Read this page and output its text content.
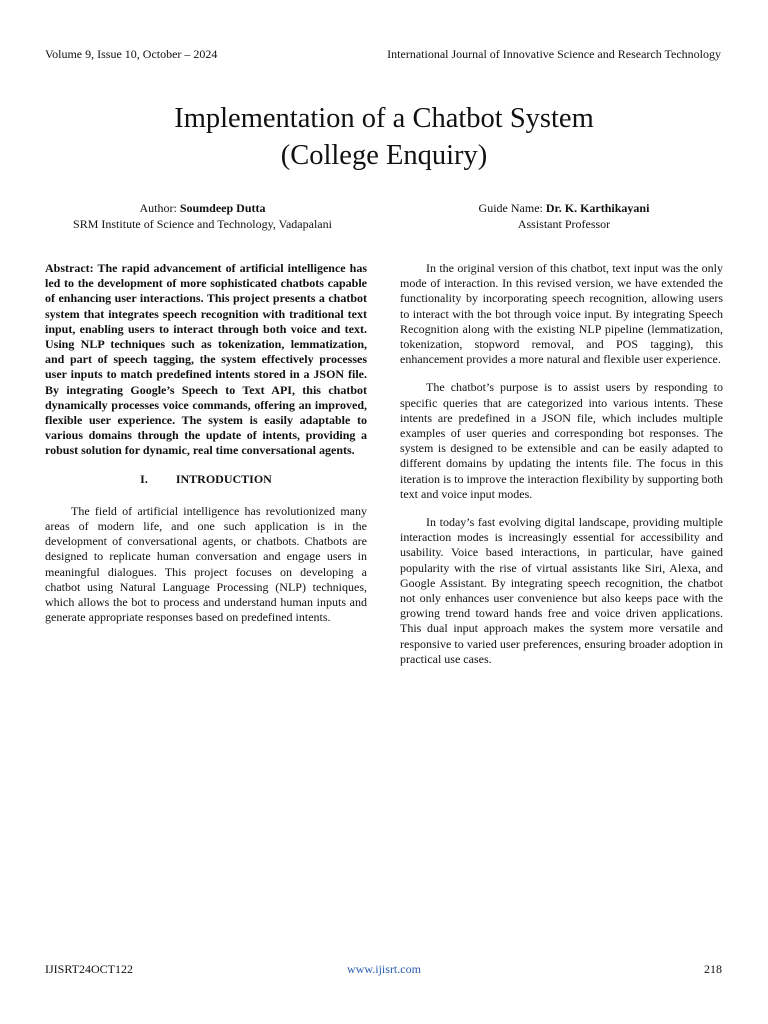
Volume 9, Issue 10, October – 2024	International Journal of Innovative Science and Research Technology
Implementation of a Chatbot System
(College Enquiry)
Author: Soumdeep Dutta
SRM Institute of Science and Technology, Vadapalani
Guide Name: Dr. K. Karthikayani
Assistant Professor

Abstract: The rapid advancement of artificial intelligence has led to the development of more sophisticated chatbots capable of enhancing user interactions. This project presents a chatbot system that integrates speech recognition with traditional text input, enabling users to interact through both voice and text. Using NLP techniques such as tokenization, lemmatization, and part of speech tagging, the system effectively processes user inputs to match predefined intents stored in a JSON file. By integrating Google’s Speech to Text API, this chatbot dynamically processes voice commands, offering an improved, flexible user experience. The system is easily adaptable to various domains through the update of intents, providing a robust solution for dynamic, real time conversational agents.

I. INTRODUCTION

The field of artificial intelligence has revolutionized many areas of modern life, and one such application is in the development of conversational agents, or chatbots. Chatbots are designed to replicate human conversation and engage users in meaningful dialogues. This project focuses on developing a chatbot using Natural Language Processing (NLP) techniques, which allows the bot to process and understand human inputs and generate appropriate responses based on predefined intents.

In the original version of this chatbot, text input was the only mode of interaction. In this revised version, we have extended the functionality by incorporating speech recognition, allowing users to interact with the bot through voice input. By integrating Speech Recognition along with the existing NLP pipeline (lemmatization, tokenization, stopword removal, and POS tagging), this enhancement provides a more natural and flexible user experience.

The chatbot’s purpose is to assist users by responding to specific queries that are categorized into various intents. These intents are predefined in a JSON file, which includes multiple examples of user queries and corresponding bot responses. The system is designed to be extensible and can be easily adapted to different domains by updating the intents file. The focus in this iteration is to improve the interaction flexibility by supporting both text and voice input modes.

In today’s fast evolving digital landscape, providing multiple interaction modes is increasingly essential for accessibility and usability. Voice based interactions, in particular, have gained popularity with the rise of virtual assistants like Siri, Alexa, and Google Assistant. By integrating speech recognition, the chatbot not only enhances user convenience but also keeps pace with the growing trend toward hands free and voice driven applications. This dual input approach makes the system more versatile and responsive to varied user preferences, ensuring broader adoption in practical use cases.

IJISRT24OCT122	www.ijisrt.com	218
